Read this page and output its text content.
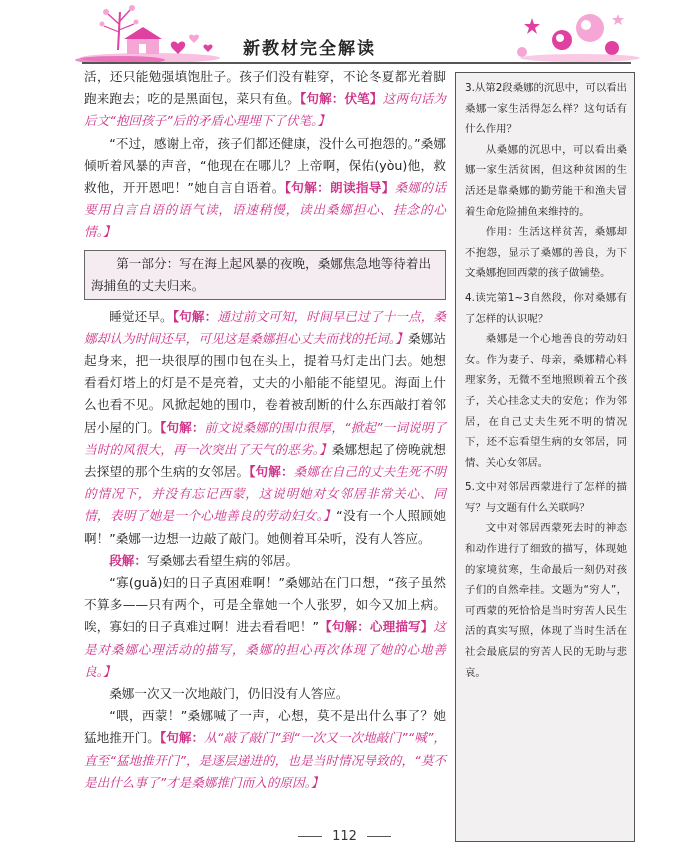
新教材完全解读

活，还只能勉强填饱肚子。孩子们没有鞋穿，不论冬夏都光着脚跑来跑去；吃的是黑面包，菜只有鱼。【句解：伏笔】这两句话为后文“抱回孩子”后的矛盾心理埋下了伏笔。】

“不过，感谢上帝，孩子们都还健康，没什么可抱怨的。”桑娜倾听着风暴的声音，“他现在在哪儿？上帝啊，保佑(yòu)他，救救他，开开恩吧！”她自言自语着。【句解：朗读指导】桑娜的话要用自言自语的语气读，语速稍慢，读出桑娜担心、挂念的心情。】

第一部分：写在海上起风暴的夜晚，桑娜焦急地等待着出海捕鱼的丈夫归来。

睡觉还早。【句解：通过前文可知，时间早已过了十一点，桑娜却认为时间还早，可见这是桑娜担心丈夫而找的托词。】桑娜站起身来，把一块很厚的围巾包在头上，提着马灯走出门去。她想看看灯塔上的灯是不是亮着，丈夫的小船能不能望见。海面上什么也看不见。风掀起她的围巾，卷着被刮断的什么东西敲打着邻居小屋的门。【句解：前文说桑娜的围巾很厚，“掀起”一词说明了当时的风很大，再一次突出了天气的恶劣。】桑娜想起了傍晚就想去探望的那个生病的女邻居。【句解：桑娜在自己的丈夫生死不明的情况下，并没有忘记西蒙，这说明她对女邻居非常关心、同情，表明了她是一个心地善良的劳动妇女。】“没有一个人照顾她啊！”桑娜一边想一边敲了敲门。她侧着耳朵听，没有人答应。

段解：写桑娜去看望生病的邻居。

“寡(guǎ)妇的日子真困难啊！”桑娜站在门口想，“孩子虽然不算多——只有两个，可是全靠她一个人张罗，如今又加上病。唉，寡妇的日子真难过啊！进去看看吧！”【句解：心理描写】这是对桑娜心理活动的描写，桑娜的担心再次体现了她的心地善良。】

桑娜一次又一次地敲门，仍旧没有人答应。

“喂，西蒙！”桑娜喊了一声，心想，莫不是出什么事了？她猛地推开门。【句解：从“敲了敲门”到“一次又一次地敲门”“喊”，直至“猛地推开门”，是逐层递进的，也是当时情况导致的，“莫不是出什么事了”才是桑娜推门而入的原因。】

3.从第2段桑娜的沉思中，可以看出桑娜一家生活得怎么样？这句话有什么作用？

从桑娜的沉思中，可以看出桑娜一家生活贫困，但这种贫困的生活还是靠桑娜的勤劳能干和渔夫冒着生命危险捕鱼来维持的。

作用：生活这样贫苦，桑娜却不抱怨，显示了桑娜的善良，为下文桑娜抱回西蒙的孩子做铺垫。

4.读完第1~3自然段，你对桑娜有了怎样的认识呢？

桑娜是一个心地善良的劳动妇女。作为妻子、母亲，桑娜精心料理家务，无微不至地照顾着五个孩子，关心挂念丈夫的安危；作为邻居，在自己丈夫生死不明的情况下，还不忘看望生病的女邻居，同情、关心女邻居。

5.文中对邻居西蒙进行了怎样的描写？与文题有什么关联吗？

文中对邻居西蒙死去时的神态和动作进行了细致的描写，体现她的家境贫寒，生命最后一刻仍对孩子们的自然牵挂。文题为“穷人”，可西蒙的死恰恰是当时穷苦人民生活的真实写照，体现了当时生活在社会最底层的穷苦人民的无助与悲哀。

112
